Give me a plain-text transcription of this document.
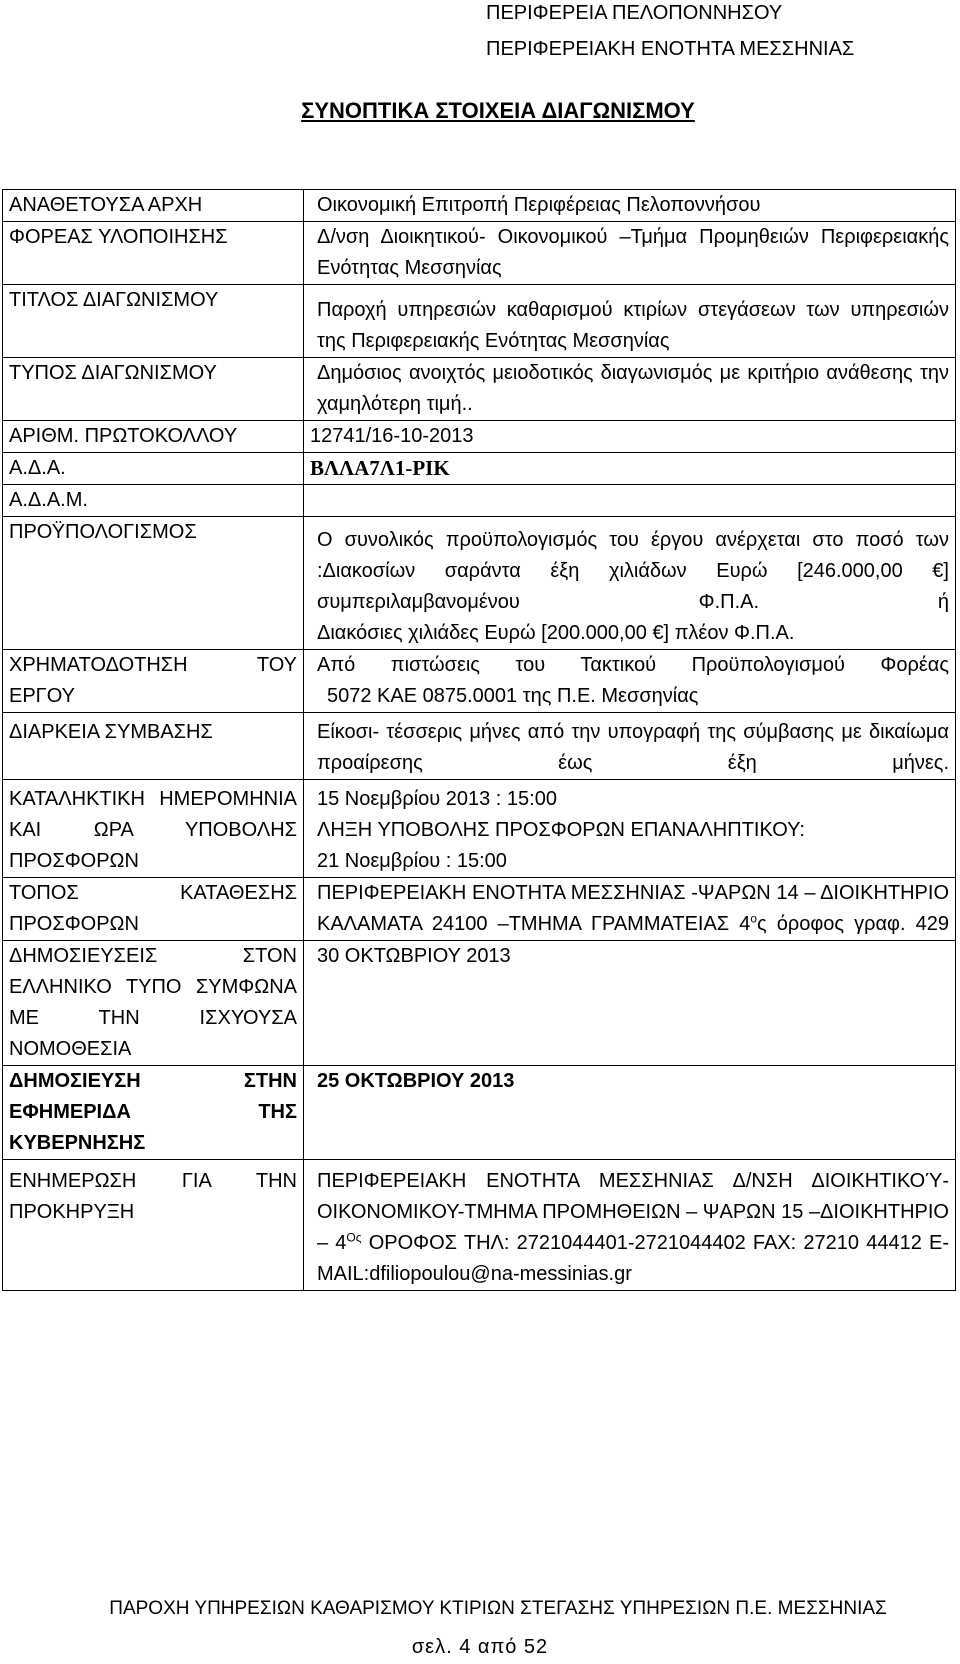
ΠΕΡΙΦΕΡΕΙΑ ΠΕΛΟΠΟΝΝΗΣΟΥ
ΠΕΡΙΦΕΡΕΙΑΚΗ ΕΝΟΤΗΤΑ ΜΕΣΣΗΝΙΑΣ
ΣΥΝΟΠΤΙΚΑ ΣΤΟΙΧΕΙΑ ΔΙΑΓΩΝΙΣΜΟΥ
ΑΝΑΘΕΤΟΥΣΑ ΑΡΧΗ	Οικονομική Επιτροπή Περιφέρειας Πελοποννήσου
ΦΟΡΕΑΣ ΥΛΟΠΟΙΗΣΗΣ	Δ/νση Διοικητικού- Οικονομικού –Τμήμα Προμηθειών Περιφερειακής Ενότητας Μεσσηνίας
ΤΙΤΛΟΣ ΔΙΑΓΩΝΙΣΜΟΥ	Παροχή υπηρεσιών καθαρισμού κτιρίων στεγάσεων των υπηρεσιών της Περιφερειακής Ενότητας Μεσσηνίας
ΤΥΠΟΣ ΔΙΑΓΩΝΙΣΜΟΥ	Δημόσιος ανοιχτός μειοδοτικός διαγωνισμός με κριτήριο ανάθεσης την χαμηλότερη τιμή..
ΑΡΙΘΜ. ΠΡΩΤΟΚΟΛΛΟΥ	12741/16-10-2013
Α.Δ.Α.	ΒΛΛΑ7Λ1-ΡΙΚ
Α.Δ.Α.Μ.	
ΠΡΟΫΠΟΛΟΓΙΣΜΟΣ	Ο συνολικός προϋπολογισμός του έργου ανέρχεται στο ποσό των :Διακοσίων σαράντα έξη χιλιάδων Ευρώ [246.000,00 €] συμπεριλαμβανομένου Φ.Π.Α. ή
Διακόσιες χιλιάδες Ευρώ [200.000,00 €] πλέον Φ.Π.Α.

ΧΡΗΜΑΤΟΔΟΤΗΣΗ ΤΟΥ ΕΡΓΟΥ	Από πιστώσεις του Τακτικού Προϋπολογισμού Φορέας
5072 ΚΑΕ 0875.0001 της Π.Ε. Μεσσηνίας

ΔΙΑΡΚΕΙΑ ΣΥΜΒΑΣΗΣ	Είκοσι- τέσσερις μήνες από την υπογραφή της σύμβασης με δικαίωμα προαίρεσης έως έξη μήνες.
ΚΑΤΑΛΗΚΤΙΚΗ ΗΜΕΡΟΜΗΝΙΑ ΚΑΙ ΩΡΑ ΥΠΟΒΟΛΗΣ ΠΡΟΣΦΟΡΩΝ	15 Νοεμβρίου 2013 : 15:00
ΛΗΞΗ ΥΠΟΒΟΛΗΣ ΠΡΟΣΦΟΡΩΝ ΕΠΑΝΑΛΗΠΤΙΚΟΥ:
21 Νοεμβρίου : 15:00

ΤΟΠΟΣ ΚΑΤΑΘΕΣΗΣ ΠΡΟΣΦΟΡΩΝ	ΠΕΡΙΦΕΡΕΙΑΚΗ ΕΝΟΤΗΤΑ ΜΕΣΣΗΝΙΑΣ -ΨΑΡΩΝ 14 – ΔΙΟΙΚΗΤΗΡΙΟ ΚΑΛΑΜΑΤΑ 24100 –ΤΜΗΜΑ ΓΡΑΜΜΑΤΕΙΑΣ $4^o\varsigma$ όροφος γραφ. 429
ΔΗΜΟΣΙΕΥΣΕΙΣ ΣΤΟΝ ΕΛΛΗΝΙΚΟ ΤΥΠΟ ΣΥΜΦΩΝΑ ΜΕ ΤΗΝ ΙΣΧΥΟΥΣΑ ΝΟΜΟΘΕΣΙΑ	30 ΟΚΤΩΒΡΙΟΥ 2013
ΔΗΜΟΣΙΕΥΣΗ ΣΤΗΝ ΕΦΗΜΕΡΙΔΑ ΤΗΣ ΚΥΒΕΡΝΗΣΗΣ	25 ΟΚΤΩΒΡΙΟΥ 2013
ΕΝΗΜΕΡΩΣΗ ΓΙΑ ΤΗΝ ΠΡΟΚΗΡΥΞΗ	ΠΕΡΙΦΕΡΕΙΑΚΗ ΕΝΟΤΗΤΑ ΜΕΣΣΗΝΙΑΣ Δ/ΝΣΗ ΔΙΟΙΚΗΤΙΚΟΎ-ΟΙΚΟΝΟΜΙΚΟΥ-ΤΜΗΜΑ ΠΡΟΜΗΘΕΙΩΝ – ΨΑΡΩΝ 15 $-\Delta IOIKHTHPIO - 4^{O\varsigma}$ ΟΡΟΦΟΣ ΤΗΛ: 2721044401-2721044402 FAX: 27210 44412 Ε-MAIL:dfiliopoulou@na-messinias.gr
ΠΑΡΟΧΗ ΥΠΗΡΕΣΙΩΝ ΚΑΘΑΡΙΣΜΟΥ ΚΤΙΡΙΩΝ ΣΤΕΓΑΣΗΣ ΥΠΗΡΕΣΙΩΝ Π.Ε. ΜΕΣΣΗΝΙΑΣ
σελ. 4 από 52
